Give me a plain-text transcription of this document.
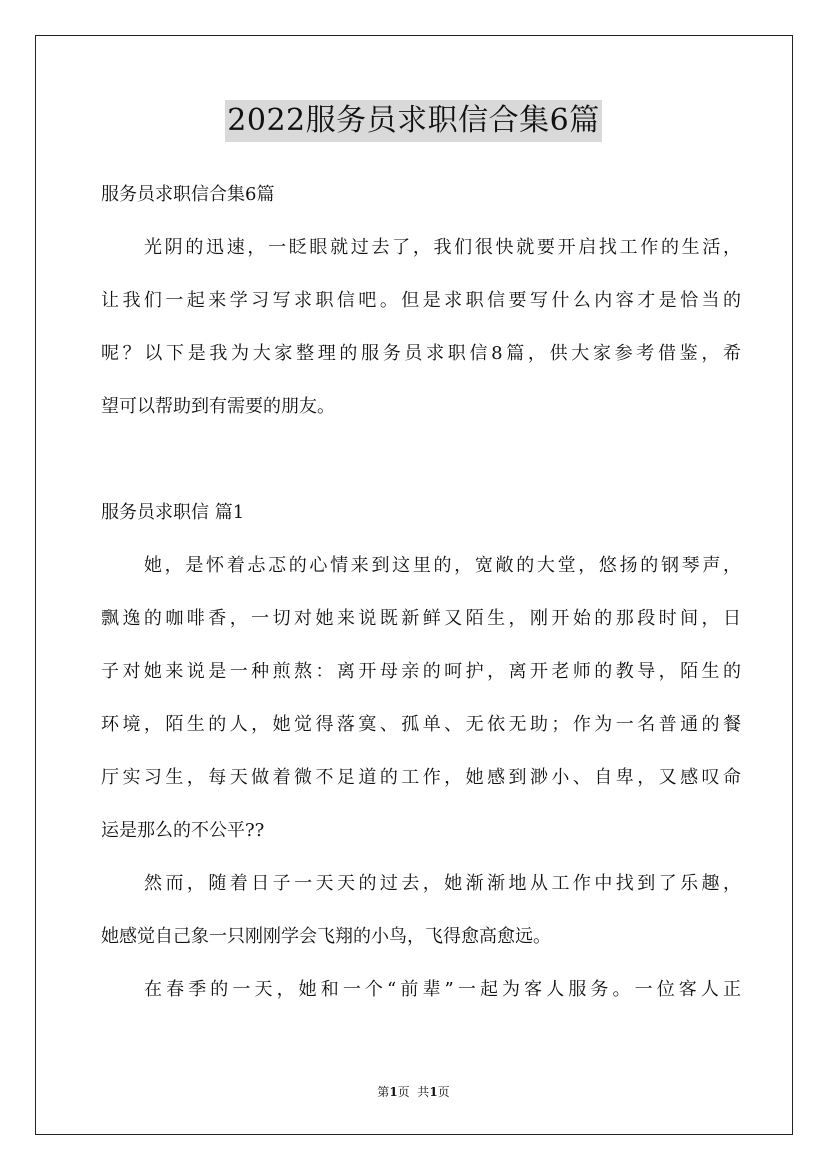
2022服务员求职信合集6篇
服务员求职信合集6篇
光阴的迅速，一眨眼就过去了，我们很快就要开启找工作的生活，
让我们一起来学习写求职信吧。但是求职信要写什么内容才是恰当的
呢？以下是我为大家整理的服务员求职信8篇，供大家参考借鉴，希
望可以帮助到有需要的朋友。
服务员求职信 篇1
她，是怀着忐忑的心情来到这里的，宽敞的大堂，悠扬的钢琴声，
飘逸的咖啡香，一切对她来说既新鲜又陌生，刚开始的那段时间，日
子对她来说是一种煎熬：离开母亲的呵护，离开老师的教导，陌生的
环境，陌生的人，她觉得落寞、孤单、无依无助；作为一名普通的餐
厅实习生，每天做着微不足道的工作，她感到渺小、自卑，又感叹命
运是那么的不公平??
然而，随着日子一天天的过去，她渐渐地从工作中找到了乐趣，
她感觉自己象一只刚刚学会飞翔的小鸟，飞得愈高愈远。
在春季的一天，她和一个“前辈”一起为客人服务。一位客人正
第1页  共1页
